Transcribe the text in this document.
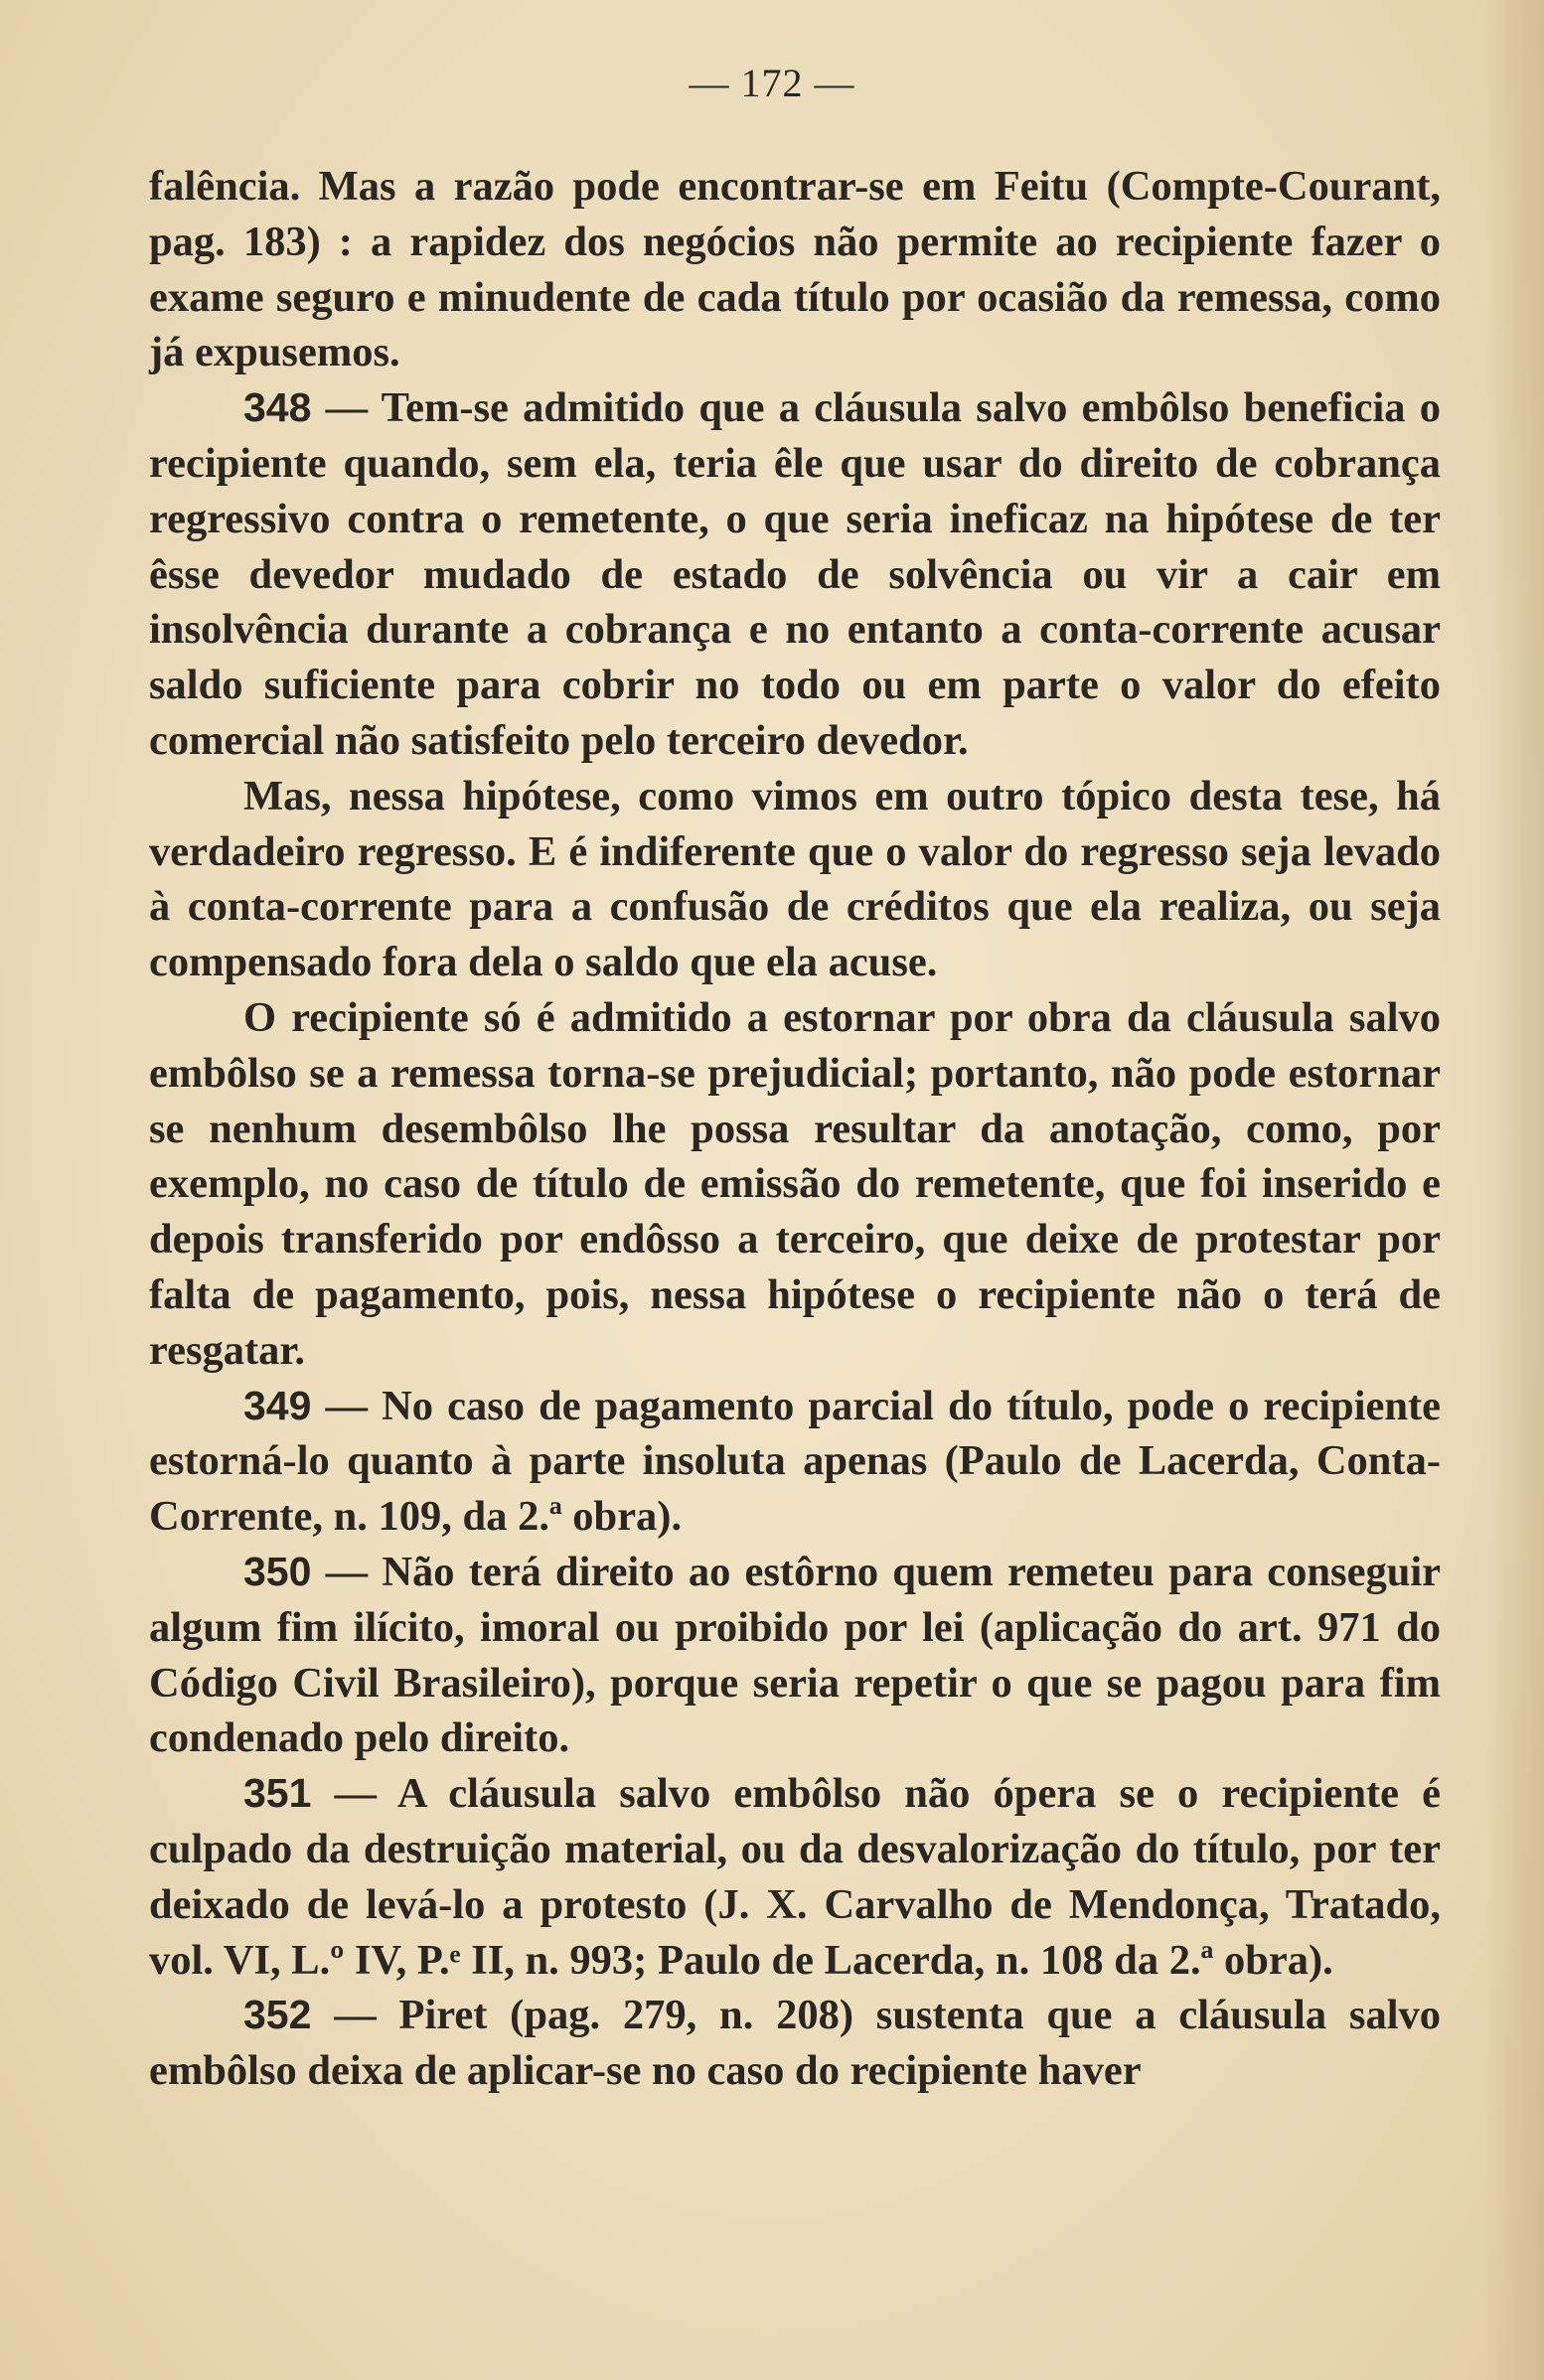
— 172 —

falência. Mas a razão pode encontrar-se em Feitu (Compte-Courant, pag. 183) : a rapidez dos negócios não permite ao recipiente fazer o exame seguro e minudente de cada título por ocasião da remessa, como já expusemos.

348 — Tem-se admitido que a cláusula salvo embôlso beneficia o recipiente quando, sem ela, teria êle que usar do direito de cobrança regressivo contra o remetente, o que seria ineficaz na hipótese de ter êsse devedor mudado de estado de solvência ou vir a cair em insolvência durante a cobrança e no entanto a conta-corrente acusar saldo suficiente para cobrir no todo ou em parte o valor do efeito comercial não satisfeito pelo terceiro devedor.

Mas, nessa hipótese, como vimos em outro tópico desta tese, há verdadeiro regresso. E é indiferente que o valor do regresso seja levado à conta-corrente para a confusão de créditos que ela realiza, ou seja compensado fora dela o saldo que ela acuse.

O recipiente só é admitido a estornar por obra da cláusula salvo embôlso se a remessa torna-se prejudicial; portanto, não pode estornar se nenhum desembôlso lhe possa resultar da anotação, como, por exemplo, no caso de título de emissão do remetente, que foi inserido e depois transferido por endôsso a terceiro, que deixe de protestar por falta de pagamento, pois, nessa hipótese o recipiente não o terá de resgatar.

349 — No caso de pagamento parcial do título, pode o recipiente estorná-lo quanto à parte insoluta apenas (Paulo de Lacerda, Conta-Corrente, n. 109, da 2.ª obra).

350 — Não terá direito ao estôrno quem remeteu para conseguir algum fim ilícito, imoral ou proibido por lei (aplicação do art. 971 do Código Civil Brasileiro), porque seria repetir o que se pagou para fim condenado pelo direito.

351 — A cláusula salvo embôlso não ópera se o recipiente é culpado da destruição material, ou da desvalorização do título, por ter deixado de levá-lo a protesto (J. X. Carvalho de Mendonça, Tratado, vol. VI, L.º IV, P.ᵉ II, n. 993; Paulo de Lacerda, n. 108 da 2.ª obra).

352 — Piret (pag. 279, n. 208) sustenta que a cláusula salvo embôlso deixa de aplicar-se no caso do recipiente haver
